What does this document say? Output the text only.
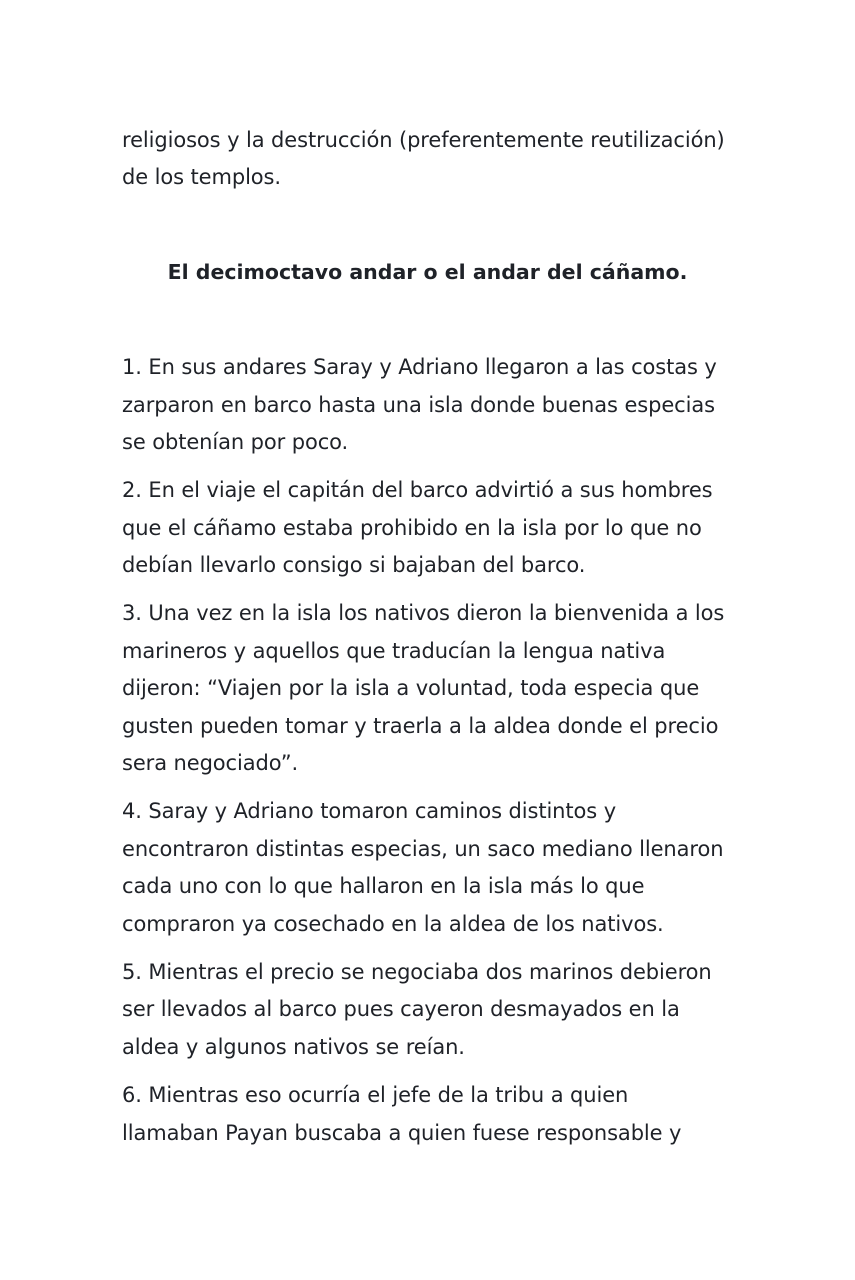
religiosos y la destrucción (preferentemente reutilización)
de los templos.
El decimoctavo andar o el andar del cáñamo.
1. En sus andares Saray y Adriano llegaron a las costas y
zarparon en barco hasta una isla donde buenas especias
se obtenían por poco.
2. En el viaje el capitán del barco advirtió a sus hombres
que el cáñamo estaba prohibido en la isla por lo que no
debían llevarlo consigo si bajaban del barco.
3. Una vez en la isla los nativos dieron la bienvenida a los
marineros y aquellos que traducían la lengua nativa
dijeron: “Viajen por la isla a voluntad, toda especia que
gusten pueden tomar y traerla a la aldea donde el precio
sera negociado”.
4. Saray y Adriano tomaron caminos distintos y
encontraron distintas especias, un saco mediano llenaron
cada uno con lo que hallaron en la isla más lo que
compraron ya cosechado en la aldea de los nativos.
5. Mientras el precio se negociaba dos marinos debieron
ser llevados al barco pues cayeron desmayados en la
aldea y algunos nativos se reían.
6. Mientras eso ocurría el jefe de la tribu a quien
llamaban Payan buscaba a quien fuese responsable y
